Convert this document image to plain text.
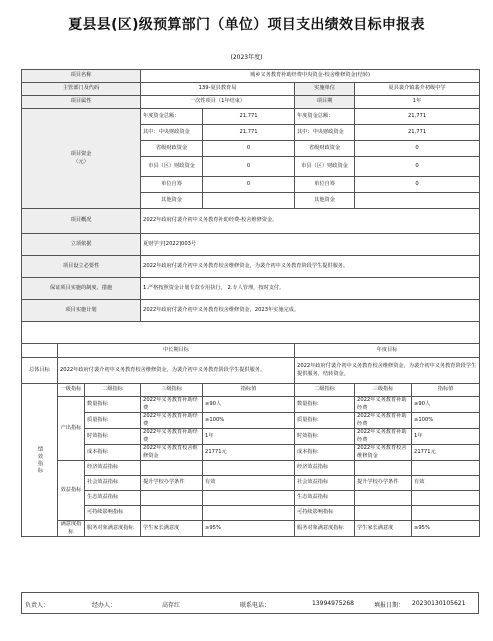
夏县县(区)级预算部门（单位）项目支出绩效目标申报表
(2023年度)
项目名称			城乡义务教育补助经费中央资金-校舍维修资金(结转)				
主管部门及代码			139-夏县教育局		实施单位	夏县裴介镇裴介初级中学	
项目属性			一次性项目（1年结束）		项目期	1年	

项目资金
（元）			年度资金总额：	21,771	年度资金总额：	21,771	
			其中：中央财政资金	21,771	其中：中央财政资金	21,771	
			省级财政资金	0	省级财政资金	0	
			市县（区）财政资金	0	市县（区）财政资金	0	
			单位自筹	0	单位自筹	0	
			其他资金		其他资金		
项目概况			2022年政府付裴介初中义务教育补助经费-校舍维修资金。				
立项依据			夏财学字[2022]003号				
项目设立必要性			2022年政府付裴介初中义务教育校舍维修资金，为裴介初中义务教育阶段学生提供服务。				
保证项目实施的制度、措施			1.严格按照资金计划专款专用执行。 2.专人管理，按时支付。				
项目实施计划			2022年政府付裴介初中义务教育校舍维修资金，2023年实施完成。				

	中长期目标				年度目标		
总体目标	2022年政府付裴介初中义务教育校舍维修资金，为裴介初中义务教育阶段学生提供服务。				2022年政府付裴介初中义务教育校舍维修资金，为裴介初中义务教育阶段学生提供服务，结转资金。		
绩效指标	一级指标	二级指标	三级指标	指标值	二级指标	三级指标	指标值
	产出指标	数量指标	2022年义务教育补助经费	≥90人	数量指标	2022年义务教育补助经费	≥90人
		质量指标	2022年义务教育补助经费	≥100%	质量指标	2022年义务教育补助经费	≥100%
		时效指标	2022年义务教育补助经费	1年	时效指标	2022年义务教育补助经费	1年
		成本指标	2022年义务教育校舍维修资金	21771元	成本指标	2022年义务教育校舍维修资金	21771元
	效益指标	经济效益指标			经济效益指标		
		社会效益指标	提升学校办学条件	有效	社会效益指标	提升学校办学条件	有效
		生态效益指标			生态效益指标		
		可持续影响指标			可持续影响指标		
	满意度指标	服务对象满意度指标	学生家长满意度	≥95%	服务对象满意度指标	学生家长满意度	≥95%
负责人：	经办人：	高存红	联系电话：	13994975268	填报日期： 20230130105621
